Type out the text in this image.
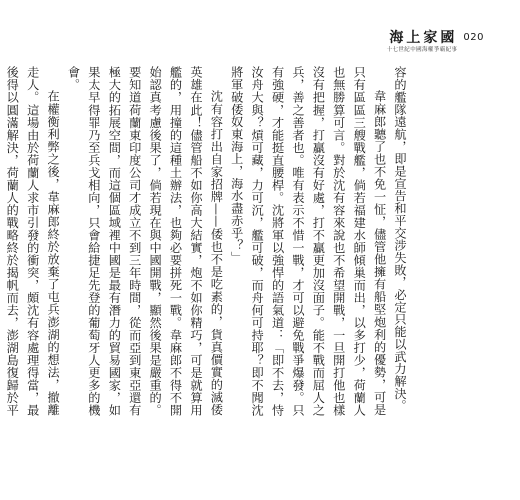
海上家國
十七世紀中國海權爭霸紀事
020

容的艦隊遠航，即是宣告和平交涉失敗，必定只能以武力解決。

韋麻郎聽了也不免一怔，儘管他擁有船堅炮利的優勢，可是只有區區三艘戰艦，倘若福建水師傾巢而出，以多打少，荷蘭人也無勝算可言。對於沈有容來說也不希望開戰，一旦開打他也樣沒有把握，打贏沒有好處，打不贏更加沒面子。能不戰而屈人之兵，善之善者也。唯有表示不惜一戰，才可以避免戰爭爆發。只有強硬，才能挺直腰桿。沈將軍以強悍的語氣道：「即不去，恃汝舟大與？熕可藏，力可沉，艦可破，而舟何可持耶？即不聞沈將軍破倭奴東海上，海水盡赤乎？」

沈有容打出自家招牌——倭也不是吃素的，貨真價實的滅倭英雄在此！儘管船不如你高大結實，炮不如你精巧，可是就算用艦的，用撞的這種土辦法，也夠必要拼死一戰。韋麻郎不得不開始認真考慮後果了，倘若現在與中國開戰，顯然後果是嚴重的。要知道荷蘭東印度公司才成立不到三年時間，從而亞到東亞還有極大的拓展空間，而這個區域裡中國是最有潛力的貿易國家，如果太早得罪乃至兵戈相向，只會給捷足先登的葡萄牙人更多的機會。

在權衡利弊之後，韋麻郎終於放棄了屯兵澎湖的想法，撤離走人。這場由於荷蘭人求市引發的衝突，頗沈有容處理得當，最後得以圓滿解決，荷蘭人的戰略終於揭帆而去，澎湖島復歸於平
